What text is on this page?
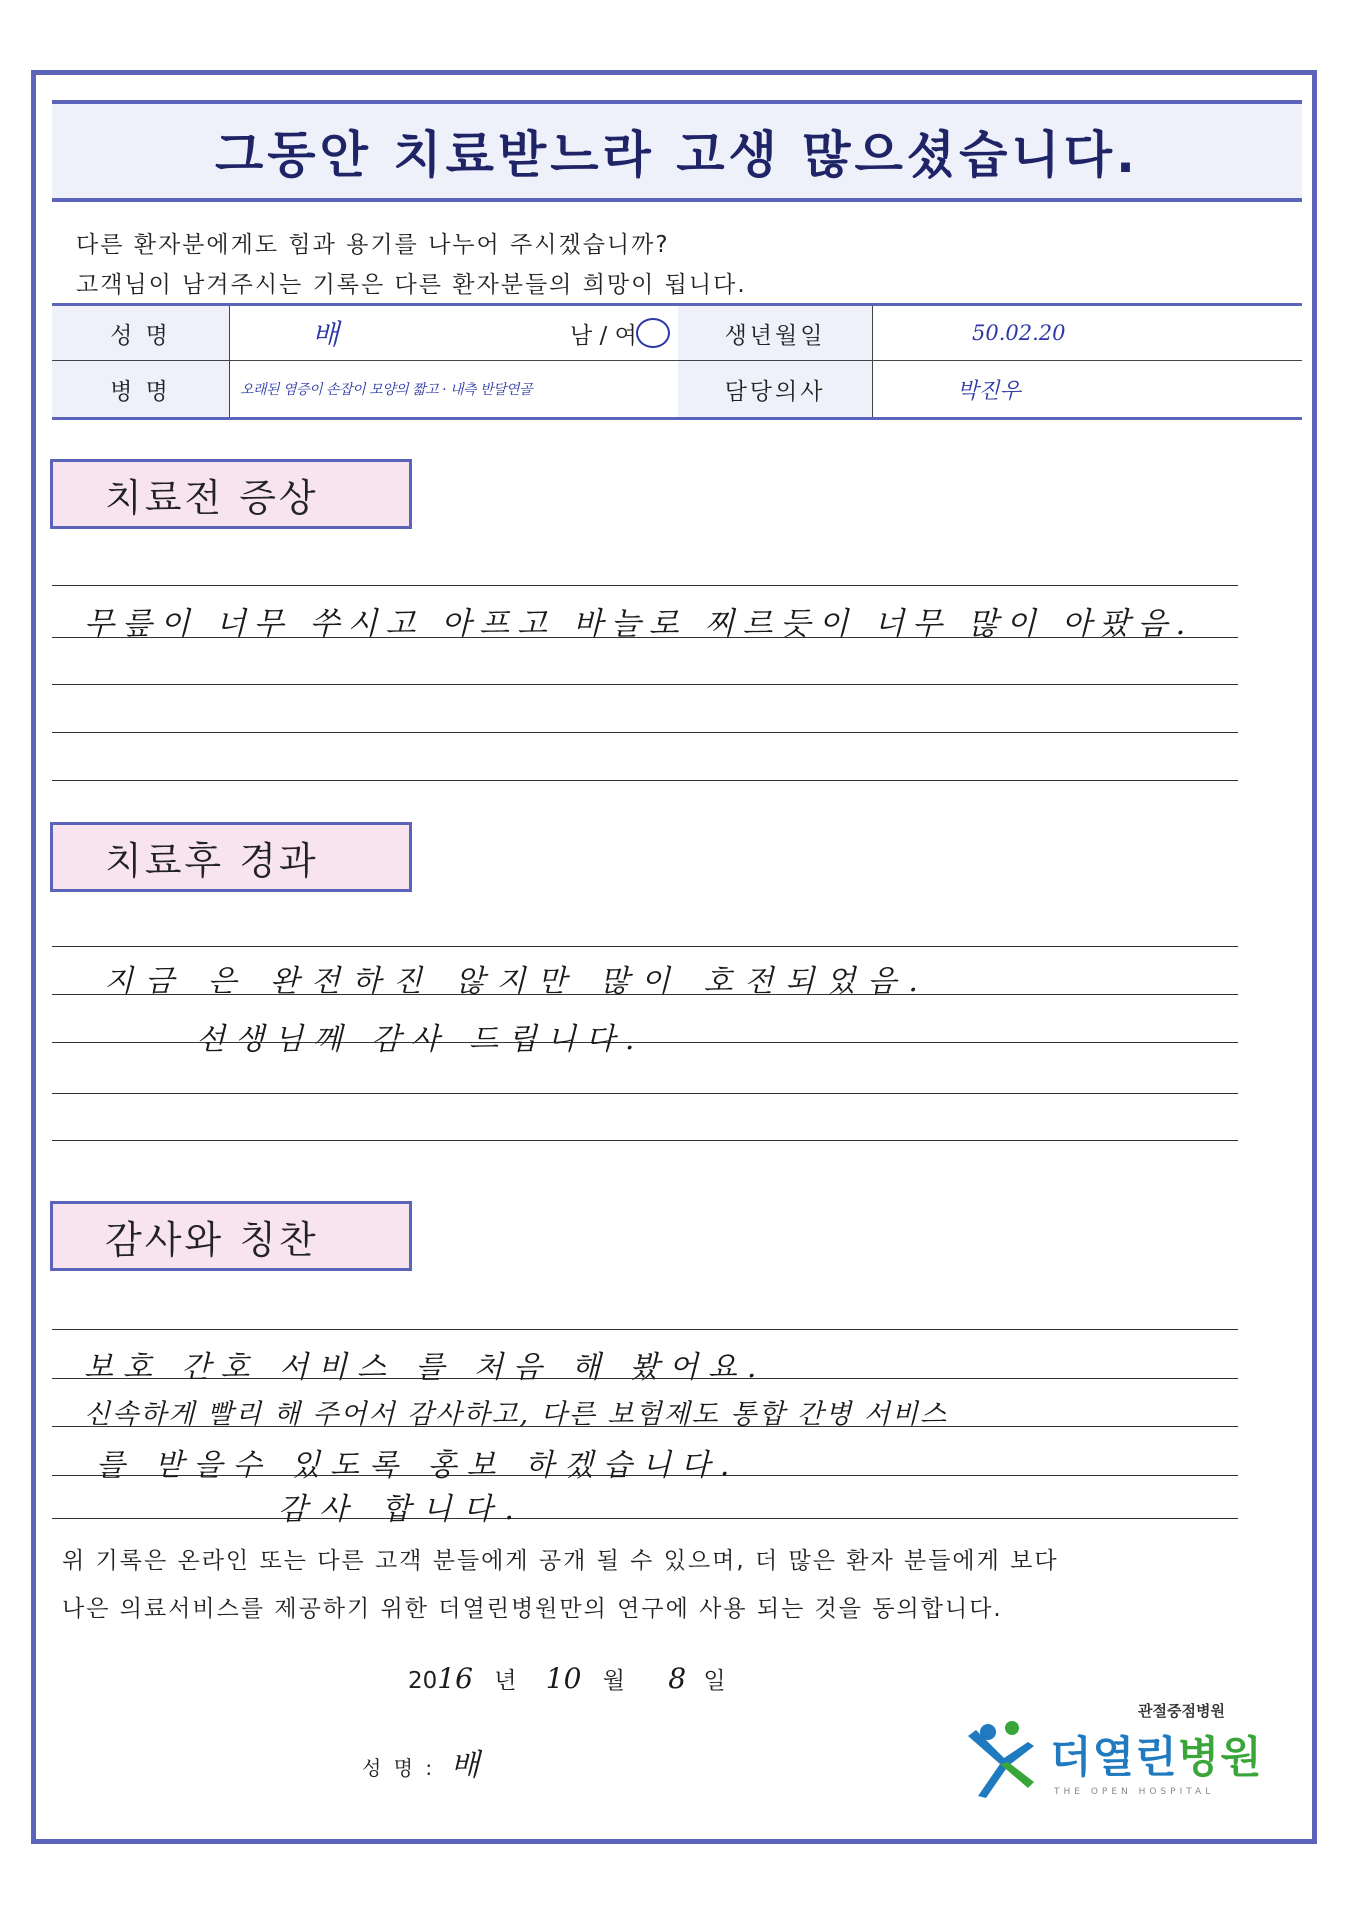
그동안 치료받느라 고생 많으셨습니다.
다른 환자분에게도 힘과 용기를 나누어 주시겠습니까?
고객님이 남겨주시는 기록은 다른 환자분들의 희망이 됩니다.
성 명	배	남 / 여	생년월일	50.02.20
병 명	오래된 염증이 손잡이 모양의 짧고 · 내측 반달연골	담당의사	박진우
치료전 증상
무릎이 너무 쑤시고 아프고 바늘로 찌르듯이 너무 많이 아팠음.
치료후 경과
지금 은 완전하진 않지만 많이 호전되었음.
선생님께 감사 드립니다.
감사와 칭찬
보호 간호 서비스 를 처음 해 봤어요.
신속하게 빨리 해 주어서 감사하고, 다른 보험제도 통합 간병 서비스
를 받을수 있도록 홍보 하겠습니다.
감사 합니다.
위 기록은 온라인 또는 다른 고객 분들에게 공개 될 수 있으며, 더 많은 환자 분들에게 보다
나은 의료서비스를 제공하기 위한 더열린병원만의 연구에 사용 되는 것을 동의합니다.
2016 년 10 월 8 일
성 명 : 배
관절중점병원
더열린병원
THE OPEN HOSPITAL
